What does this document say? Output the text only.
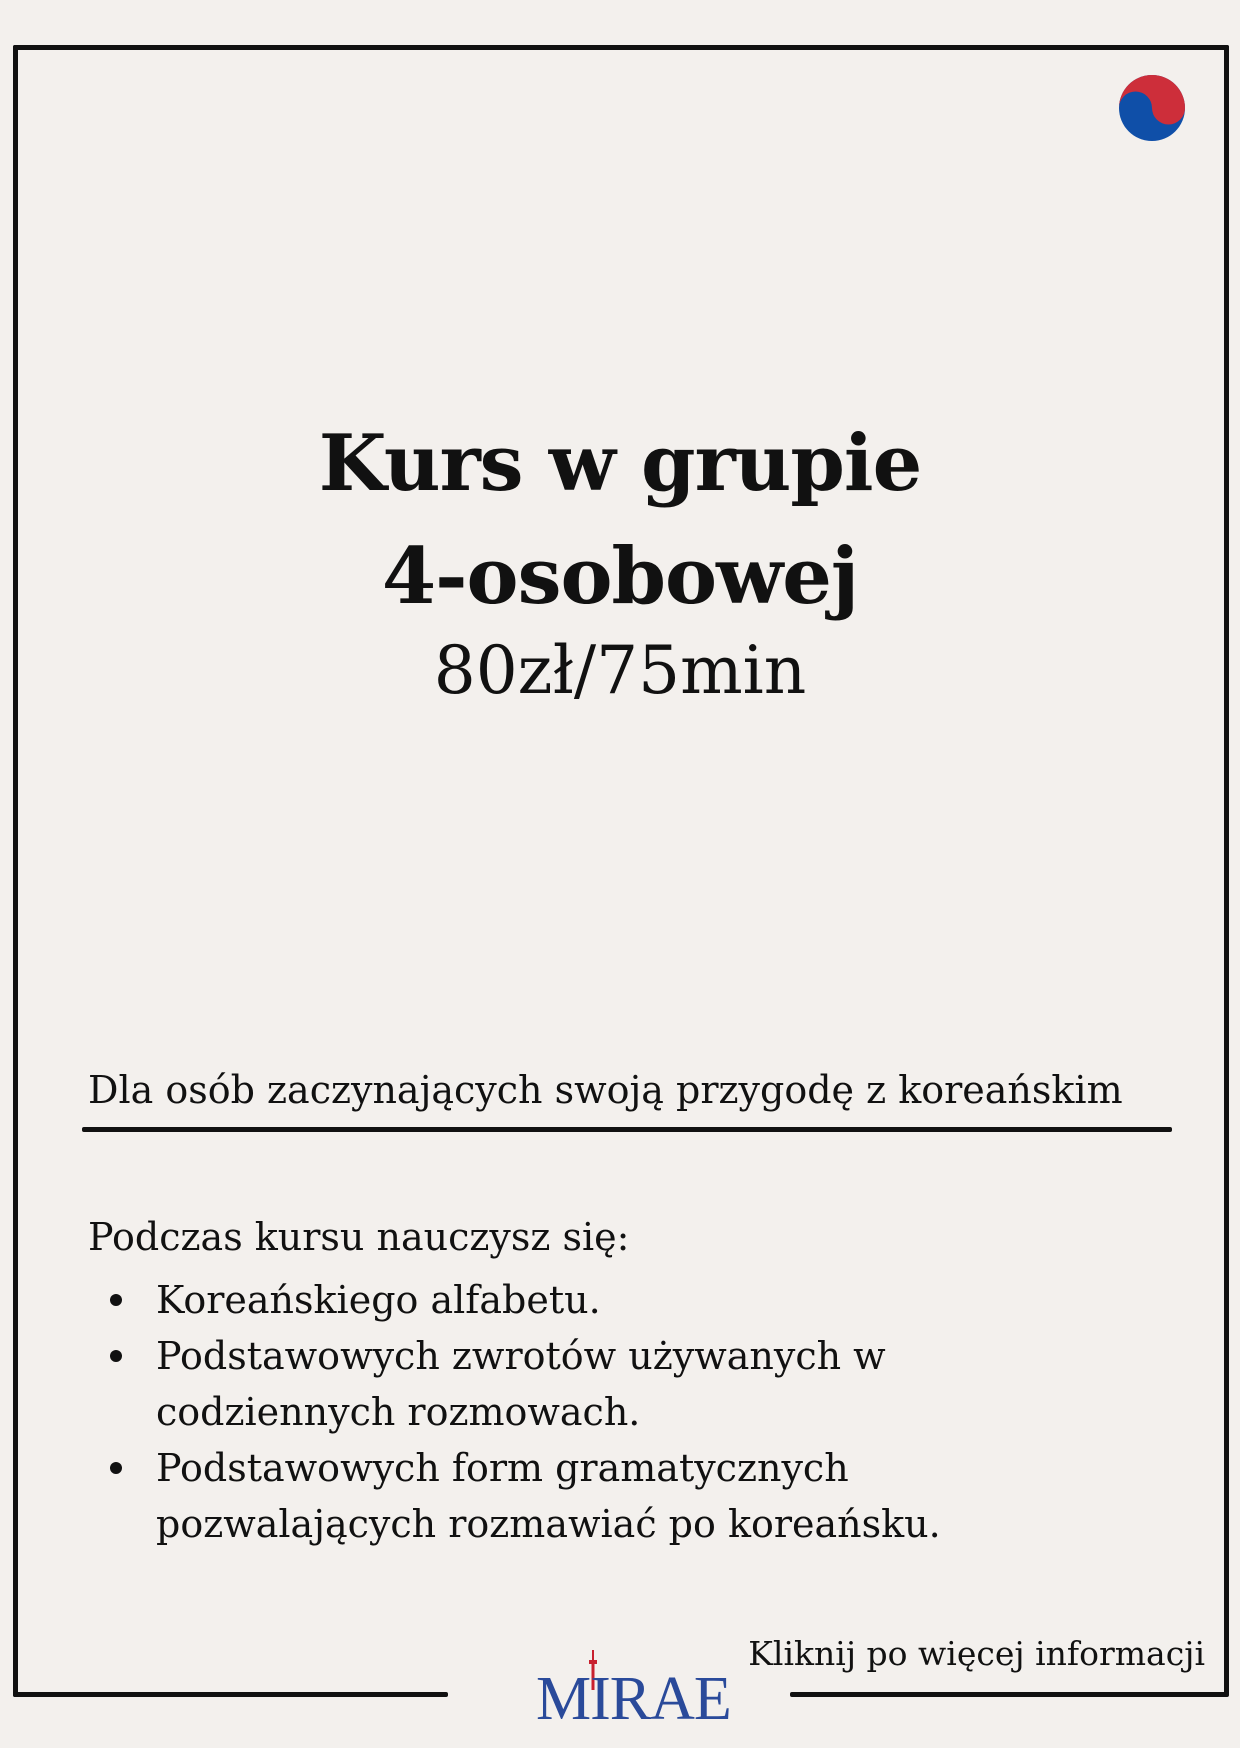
Kurs w grupie
4-osobowej
80zł/75min
Dla osób zaczynających swoją przygodę z koreańskim
Podczas kursu nauczysz się:
Koreańskiego alfabetu.
Podstawowych zwrotów używanych w codziennych rozmowach.
Podstawowych form gramatycznych pozwalających rozmawiać po koreańsku.
Kliknij po więcej informacji
MIRAE
